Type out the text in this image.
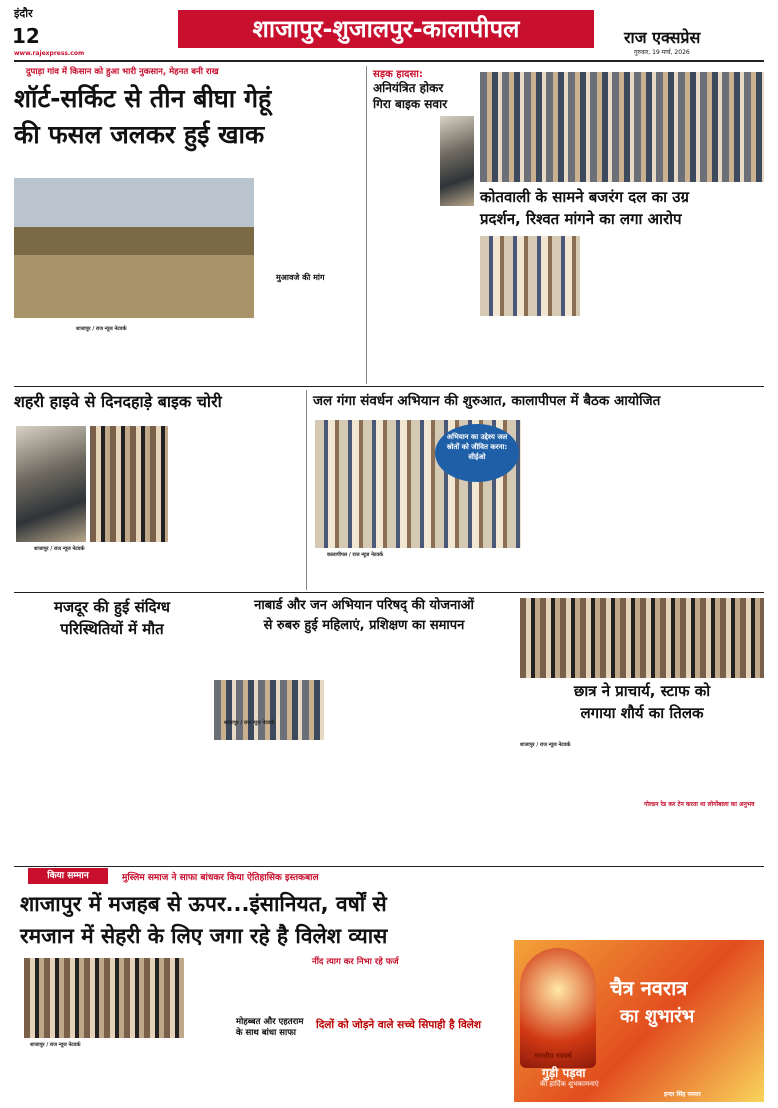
इंदौर
12
www.rajexpress.com
शाजापुर-शुजालपुर-कालापीपल	राज एक्सप्रेस
गुरुवार, 19 मार्च, 2026
दुपाड़ा गांव में किसान को हुआ भारी नुकसान, मेहनत बनी राख
शॉर्ट-सर्किट से तीन बीघा गेहूं
की फसल जलकर हुई खाक
मुआवजे की मांग
शाजापुर / राज न्यूज नेटवर्क
सड़क हादसा:
अनियंत्रित होकर
गिरा बाइक सवार
कोतवाली के सामने बजरंग दल का उग्र
प्रदर्शन, रिश्वत मांगने का लगा आरोप
शहरी हाइवे से दिनदहाड़े बाइक चोरी
शाजापुर / राज न्यूज नेटवर्क
जल गंगा संवर्धन अभियान की शुरुआत, कालापीपल में बैठक आयोजित
अभियान का उद्देश्य जल स्रोतों को जीवित करना: सीईओ
कालापीपल / राज न्यूज नेटवर्क
मजदूर की हुई संदिग्ध
परिस्थितियों में मौत
नाबार्ड और जन अभियान परिषद् की योजनाओं
से रुबरु हुई महिलाएं, प्रशिक्षण का समापन
शाजापुर / राज न्यूज नेटवर्क
छात्र ने प्राचार्य, स्टाफ को
लगाया शौर्य का तिलक
शाजापुर / राज न्यूज नेटवर्क
गोल्डन रेड कर टेन करता था लोगोंबाला का अनुभव
किया सम्मान	मुस्लिम समाज ने साफा बांधकर किया ऐतिहासिक इस्तकबाल
शाजापुर में मजहब से ऊपर...इंसानियत, वर्षों से
रमजान में सेहरी के लिए जगा रहे है विलेश व्यास
शाजापुर / राज न्यूज नेटवर्क
मोहब्बत और एहतराम
के साथ बांधा साफा
नींद त्याग कर निभा रहे फर्ज
दिलों को जोड़ने वाले सच्चे सिपाही है विलेश
चैत्र नवरात्र
का शुभारंभ
भारतीय नववर्ष
गुड़ी पड़वा
की हार्दिक शुभकामनाएं
इन्दर सिंह परमार
